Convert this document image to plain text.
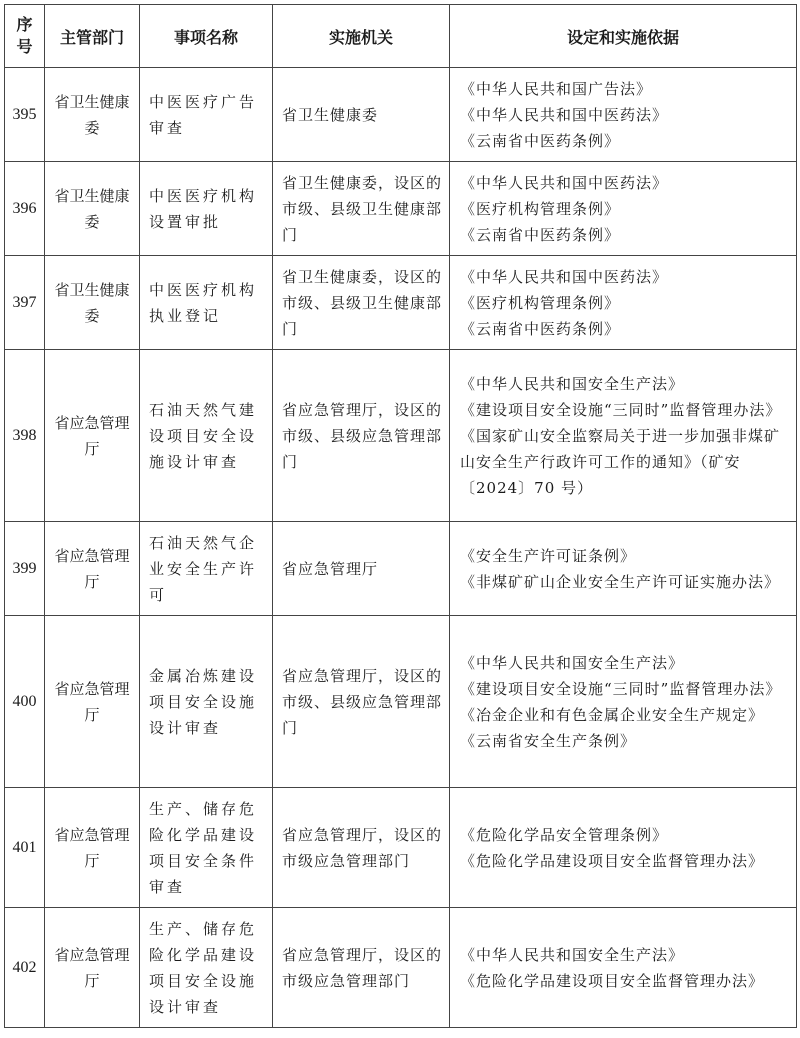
序号	主管部门	事项名称	实施机关	设定和实施依据
395	省卫生健康委	中医医疗广告审查	省卫生健康委	《中华人民共和国广告法》
《中华人民共和国中医药法》
《云南省中医药条例》

396	省卫生健康委	中医医疗机构设置审批	省卫生健康委，设区的市级、县级卫生健康部门	《中华人民共和国中医药法》
《医疗机构管理条例》
《云南省中医药条例》

397	省卫生健康委	中医医疗机构执业登记	省卫生健康委，设区的市级、县级卫生健康部门	《中华人民共和国中医药法》
《医疗机构管理条例》
《云南省中医药条例》

398	省应急管理厅	石油天然气建设项目安全设施设计审查	省应急管理厅，设区的市级、县级应急管理部门	《中华人民共和国安全生产法》
《建设项目安全设施“三同时”监督管理办法》
《国家矿山安全监察局关于进一步加强非煤矿山安全生产行政许可工作的通知》（矿安〔2024〕70 号）

399	省应急管理厅	石油天然气企业安全生产许可	省应急管理厅	《安全生产许可证条例》
《非煤矿矿山企业安全生产许可证实施办法》

400	省应急管理厅	金属冶炼建设项目安全设施设计审查	省应急管理厅，设区的市级、县级应急管理部门	《中华人民共和国安全生产法》
《建设项目安全设施“三同时”监督管理办法》
《冶金企业和有色金属企业安全生产规定》
《云南省安全生产条例》

401	省应急管理厅	生产、储存危险化学品建设项目安全条件审查	省应急管理厅，设区的市级应急管理部门	《危险化学品安全管理条例》
《危险化学品建设项目安全监督管理办法》

402	省应急管理厅	生产、储存危险化学品建设项目安全设施设计审查	省应急管理厅，设区的市级应急管理部门	《中华人民共和国安全生产法》
《危险化学品建设项目安全监督管理办法》
